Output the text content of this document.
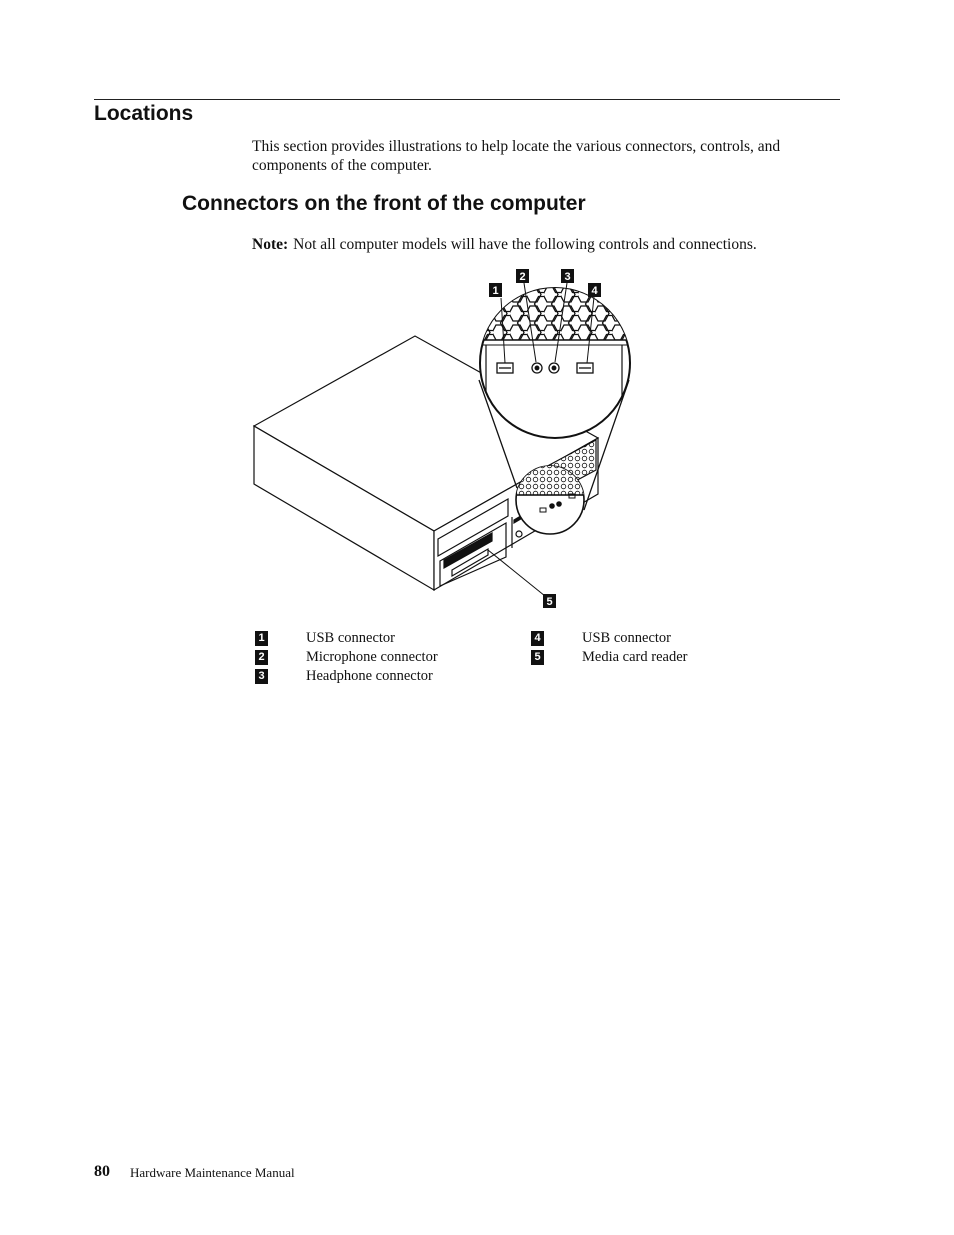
Locations

This section provides illustrations to help locate the various connectors, controls, and components of the computer.

Connectors on the front of the computer

Note: Not all computer models will have the following controls and connections.

1
2	3
4
5
1	USB connector
2	Microphone connector
3	Headphone connector
4	USB connector
5	Media card reader
80 Hardware Maintenance Manual
